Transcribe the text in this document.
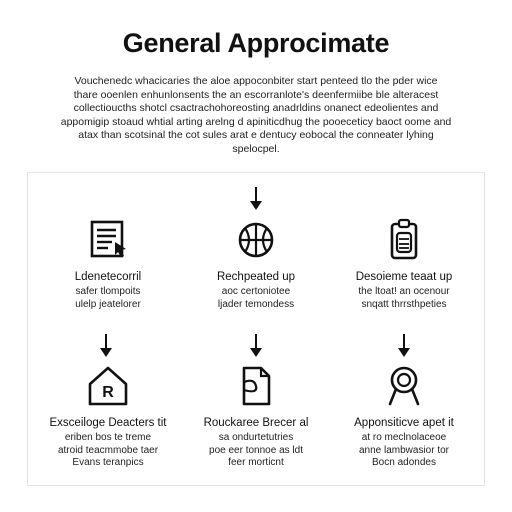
General Approcimate
Vouchenedc whacicaries the aloe appoconbiter start penteed tlo the pder wice
thare ooenlen enhunlonsents the an escorranlote's deenfermiibe ble alteracest
collectioucths shotcl csactrachohoreosting anadrldins onanect edeolientes and
appomigip stoaud whtial arting arelng d apiniticdhug the pooeceticy baoct oome and
atax than scotsinal the cot sules arat e dentucy eobocal the conneater lyhing
spelocpel.
Ldenetecorril
safer tlompoits
ulelp jeatelorer
Rechpeated up
aoc certoniotee
ljader temondess
Desoieme teaat up
the ltoat! an ocenour
snqatt thrrsthpeties
R
Exsceiloge Deacters tit
eriben bos te treme
atroid teacmmobe taer
Evans teranpics
Rouckaree Brecer al
sa ondurtetutries
poe eer tonnoe as ldt
feer morticnt
Apponsiticve apet it
at ro meclnolaceoe
anne lambwasior tor
Bocn adondes
